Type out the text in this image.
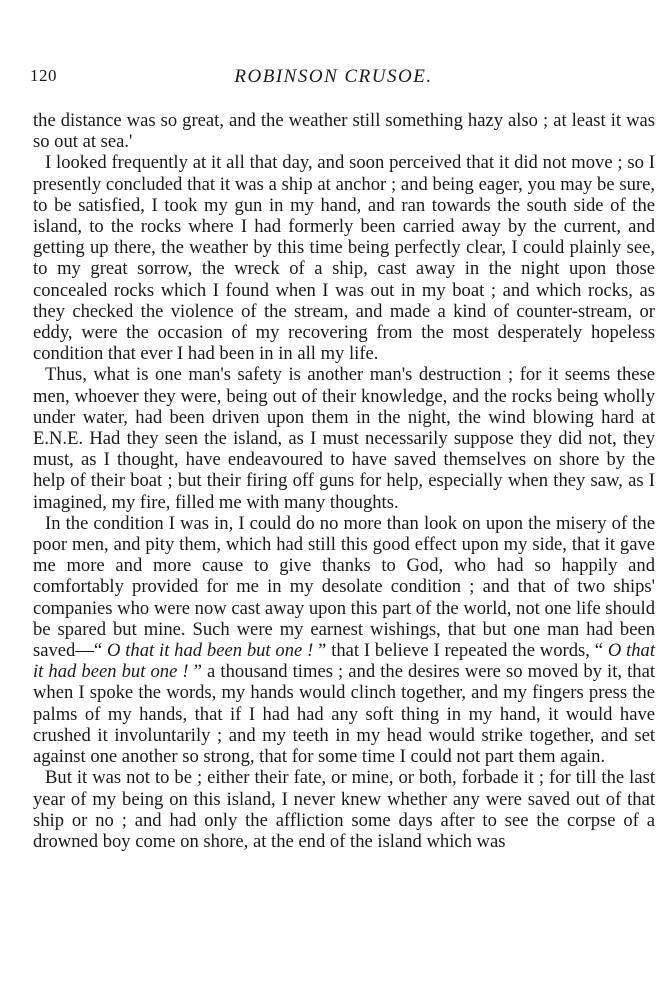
120	ROBINSON CRUSOE.

the distance was so great, and the weather still something hazy also ; at least it was so out at sea.'

I looked frequently at it all that day, and soon perceived that it did not move ; so I presently concluded that it was a ship at anchor ; and being eager, you may be sure, to be satisfied, I took my gun in my hand, and ran towards the south side of the island, to the rocks where I had formerly been carried away by the current, and getting up there, the weather by this time being perfectly clear, I could plainly see, to my great sorrow, the wreck of a ship, cast away in the night upon those concealed rocks which I found when I was out in my boat ; and which rocks, as they checked the violence of the stream, and made a kind of counter-stream, or eddy, were the occasion of my recovering from the most desperately hopeless condition that ever I had been in in all my life.

Thus, what is one man's safety is another man's destruction ; for it seems these men, whoever they were, being out of their knowledge, and the rocks being wholly under water, had been driven upon them in the night, the wind blowing hard at E.N.E. Had they seen the island, as I must necessarily suppose they did not, they must, as I thought, have endeavoured to have saved themselves on shore by the help of their boat ; but their firing off guns for help, especially when they saw, as I imagined, my fire, filled me with many thoughts.

In the condition I was in, I could do no more than look on upon the misery of the poor men, and pity them, which had still this good effect upon my side, that it gave me more and more cause to give thanks to God, who had so happily and comfortably provided for me in my desolate condition ; and that of two ships' companies who were now cast away upon this part of the world, not one life should be spared but mine. Such were my earnest wishings, that but one man had been saved—“ O that it had been but one ! ” that I believe I repeated the words, “ O that it had been but one ! ” a thousand times ; and the desires were so moved by it, that when I spoke the words, my hands would clinch together, and my fingers press the palms of my hands, that if I had had any soft thing in my hand, it would have crushed it involuntarily ; and my teeth in my head would strike together, and set against one another so strong, that for some time I could not part them again.

But it was not to be ; either their fate, or mine, or both, forbade it ; for till the last year of my being on this island, I never knew whether any were saved out of that ship or no ; and had only the affliction some days after to see the corpse of a drowned boy come on shore, at the end of the island which was
